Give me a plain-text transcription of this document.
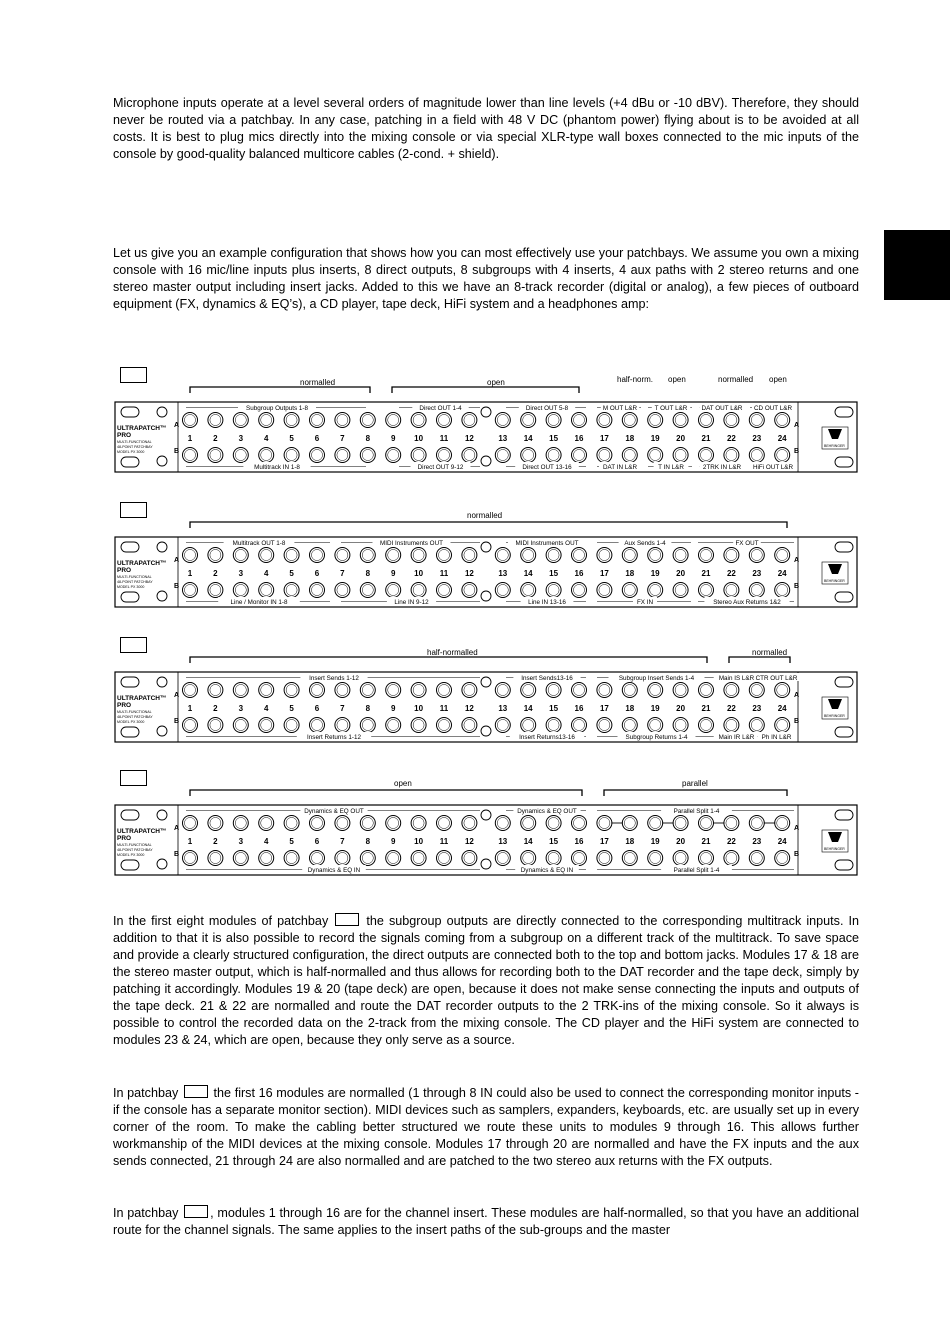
Microphone inputs operate at a level several orders of magnitude lower than line levels (+4 dBu or -10 dBV). Therefore, they should never be routed via a patchbay. In any case, patching in a field with 48 V DC (phantom power) flying about is to be avoided at all costs. It is best to plug mics directly into the mixing console or via special XLR-type wall boxes connected to the mic inputs of the console by good-quality balanced multicore cables (2-cond. + shield).

Let us give you an example configuration that shows how you can most effectively use your patchbays. We assume you own a mixing console with 16 mic/line inputs plus inserts, 8 direct outputs, 8 subgroups with 4 inserts, 4 aux paths with 2 stereo returns and one stereo master output including insert jacks. Added to this we have an 8-track recorder (digital or analog), a few pieces of outboard equipment (FX, dynamics & EQ’s), a CD player, tape deck, HiFi system and a headphones amp:

normalled	open	half-norm. open	normalled open
ULTRAPATCH™
PRO
MULTI-FUNCTIONAL
48-POINT PATCHBAY
MODEL PX 3000
BEHRINGER
A
B
A
B
1	2	3	4	5	6	7	8	9 10 11 12	13 14 15 16 17 18 19 20 21 22 23 24
Subgroup Outputs 1-8	Direct OUT 1-4	Direct OUT 5-8	M OUT L&R	T OUT L&R DAT OUT L&R CD OUT L&R
Multitrack IN 1-8	Direct OUT 9-12	Direct OUT 13-16	DAT IN L&R	T IN L&R	2TRK IN L&R HiFi OUT L&R
normalled
ULTRAPATCH™
PRO
MULTI-FUNCTIONAL
48-POINT PATCHBAY
MODEL PX 3000
BEHRINGER
A
B
A
B
1	2	3	4	5	6	7	8	9 10 11 12	13 14 15 16 17 18 19 20 21 22 23 24
Multitrack OUT 1-8	MIDI Instruments OUT	MIDI Instruments OUT	Aux Sends 1-4	FX OUT
Line / Monitor IN 1-8	Line IN 9-12	Line IN 13-16	FX IN	Stereo Aux Returns 1&2
half-normalled	normalled
ULTRAPATCH™
PRO
MULTI-FUNCTIONAL
48-POINT PATCHBAY
MODEL PX 3000
BEHRINGER
A
B
A
B
1	2	3	4	5	6	7	8	9 10 11 12	13 14 15 16 17 18 19 20 21 22 23 24
Insert Sends 1-12	Insert Sends13-16	Subgroup Insert Sends 1-4	Main IS L&R CTR OUT L&R
Insert Returns 1-12	Insert Returns13-16	Subgroup Returns 1-4	Main IR L&R Ph IN L&R
open	parallel
ULTRAPATCH™
PRO
MULTI-FUNCTIONAL
48-POINT PATCHBAY
MODEL PX 3000
BEHRINGER
A
B
A
B
1	2	3	4	5	6	7	8	9 10 11 12	13 14 15 16 17 18 19 20 21 22 23 24
Dynamics & EQ OUT	Dynamics & EQ OUT	Parallel Split 1-4
Dynamics & EQ IN	Dynamics & EQ IN	Parallel Split 1-4

In the first eight modules of patchbay	the subgroup outputs are directly connected to the corresponding multitrack inputs. In addition to that it is also possible to record the signals coming from a subgroup on a different track of the multitrack. To save space and provide a clearly structured configuration, the direct outputs are connected both to the top and bottom jacks. Modules 17 & 18 are the stereo master output, which is half-normalled and thus allows for recording both to the DAT recorder and the tape deck, simply by patching it accordingly. Modules 19 & 20 (tape deck) are open, because it does not make sense connecting the inputs and outputs of the tape deck. 21 & 22 are normalled and route the DAT recorder outputs to the 2 TRK-ins of the mixing console. So it always is possible to control the recorded data on the 2-track from the mixing console. The CD player and the HiFi system are connected to modules 23 & 24, which are open, because they only serve as a source.

In patchbay	the first 16 modules are normalled (1 through 8 IN could also be used to connect the corresponding monitor inputs - if the console has a separate monitor section). MIDI devices such as samplers, expanders, keyboards, etc. are usually set up in every corner of the room. To make the cabling better structured we route these units to modules 9 through 16. This allows further workmanship of the MIDI devices at the mixing console. Modules 17 through 20 are normalled and have the FX inputs and the aux sends connected, 21 through 24 are also normalled and are patched to the two stereo aux returns with the FX outputs.

In patchbay	, modules 1 through 16 are for the channel insert. These modules are half-normalled, so that you have an additional route for the channel signals. The same applies to the insert paths of the sub-groups and the master
